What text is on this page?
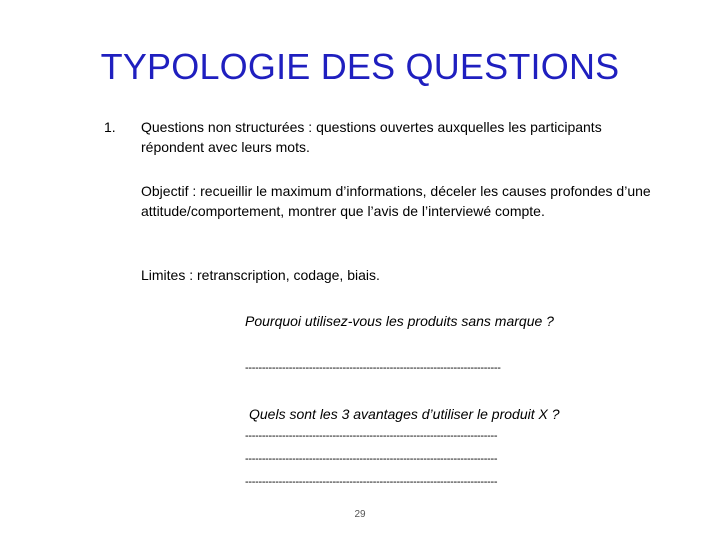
TYPOLOGIE DES QUESTIONS
1. Questions non structurées : questions ouvertes auxquelles les participants répondent avec leurs mots.
Objectif : recueillir le maximum d’informations, déceler les causes profondes d’une attitude/comportement, montrer que l’avis de l’interviewé compte.
Limites : retranscription, codage, biais.
Pourquoi utilisez-vous les produits sans marque ?
----------------------------------------------------------------------------
Quels sont les 3 avantages d’utiliser le produit X ?
---------------------------------------------------------------------------
---------------------------------------------------------------------------
---------------------------------------------------------------------------
29
